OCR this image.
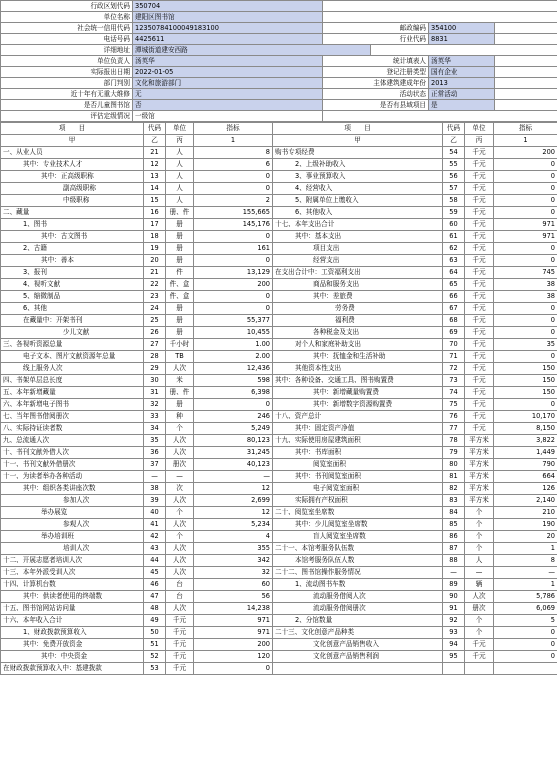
行政区划代码	350704				
单位名称	建阳区图书馆				
社会统一信用代码	12350784100049183100	邮政编码		354100	
电话号码	4425611	行业代码		8831	
详细地址	潭城街道建安西路				
单位负责人	汤英华	统计填表人		汤英华	
实际报出日期	2022-01-05	登记注册类型		国有企业	
部门判别	文化和旅游部门	主体建筑建成年份		2013	
近十年有无重大维修	无	活动状态		正常活动	
是否儿童图书馆	否	是否有县域项目		是	
评估定级情况	一级馆				
项　　目	代码	单位	指标	项　　目	代码	单位	指标
甲	乙	丙	1	甲	乙	丙	1
一、从业人员	21	人	8	购书专项经费	54	千元	200
其中：专业技术人才	12	人	6	2、上级补助收入	55	千元	0
其中：正高级职称	13	人	0	3、事业预算收入	56	千元	0
副高级职称	14	人	0	4、经营收入	57	千元	0
中级职称	15	人	2	5、附属单位上缴收入	58	千元	0
二、藏量	16	册、件	155,665	6、其他收入	59	千元	0
1、图书	17	册	145,176	十七、本年支出合计	60	千元	971
其中：古文图书	18	册	0	其中：基本支出	61	千元	971
2、古籍	19	册	161	项目支出	62	千元	0
其中：善本	20	册	0	经营支出	63	千元	0
3、报刊	21	件	13,129	在支出合计中：工资福利支出	64	千元	745
4、视听文献	22	件、盒	200	商品和服务支出	65	千元	38
5、缩微制品	23	件、盒	0	其中：差旅费	66	千元	38
6、其他	24	册	0	劳务费	67	千元	0
在藏量中：开架书刊	25	册	55,377	福利费	68	千元	0
少儿文献	26	册	10,455	各种税金及支出	69	千元	0
三、各视听资源总量	27	千小时	1.00	对个人和家庭补助支出	70	千元	35
电子文本、图片文献资源年总量	28	TB	2.00	其中：抚恤金和生活补助	71	千元	0
线上服务人次	29	人次	12,436	其他资本性支出	72	千元	150
四、书架单层总长度	30	米	598	其中：各种设备、交通工具、图书购置费	73	千元	150
五、本年新增藏量	31	册、件	6,398	其中：新增藏量购置费	74	千元	150
六、本年新增电子图书	32	册	0	其中：新增数字资源购置费	75	千元	0
七、当年图书借阅册次	33	种	246	十八、资产总计	76	千元	10,170
八、实际持证读者数	34	个	5,249	其中：固定资产净值	77	千元	8,150
九、总流通人次	35	人次	80,123	十九、实际使用房屋建筑面积	78	平方米	3,822
十、书刊文献外借人次	36	人次	31,245	其中：书库面积	79	平方米	1,449
十一、书刊文献外借册次	37	册次	40,123	阅览室面积	80	平方米	790
十一、为读者举办各种活动	—	—	—	其中：书刊阅览室面积	81	平方米	664
其中：组织各类讲座次数	38	次	12	电子阅览室面积	82	平方米	126
参加人次	39	人次	2,699	实际拥有产权面积	83	平方米	2,140
举办展览	40	个	12	二十、阅览室坐席数	84	个	210
参观人次	41	人次	5,234	其中：少儿阅览室坐席数	85	个	190
举办培训班	42	个	4	盲人阅览室坐席数	86	个	20
培训人次	43	人次	355	二十一、本馆考服务队伍数	87	个	1
十二、开展志愿者培训人次	44	人次	342	本馆考服务队伍人数	88	人	8
十三、本年外派受训人次	45	人次	32	二十二、图书馆操作服务情况	—	—	—
十四、计算机台数	46	台	60	1、流动图书车数	89	辆	1
其中：供读者使用的终端数	47	台	56	流动服务借阅人次	90	人次	5,786
十五、图书馆网站访问量	48	人次	14,238	流动服务借阅册次	91	册次	6,069
十六、本年收入合计	49	千元	971	2、分馆数量	92	个	5
1、财政拨款预算收入	50	千元	971	二十三、文化创意产品种类	93	个	0
其中：免费开放资金	51	千元	200	文化创意产品销售收入	94	千元	0
其中：中央资金	52	千元	120	文化创意产品销售利润	95	千元	0
在财政拨款预算收入中：基建拨款	53	千元	0				
